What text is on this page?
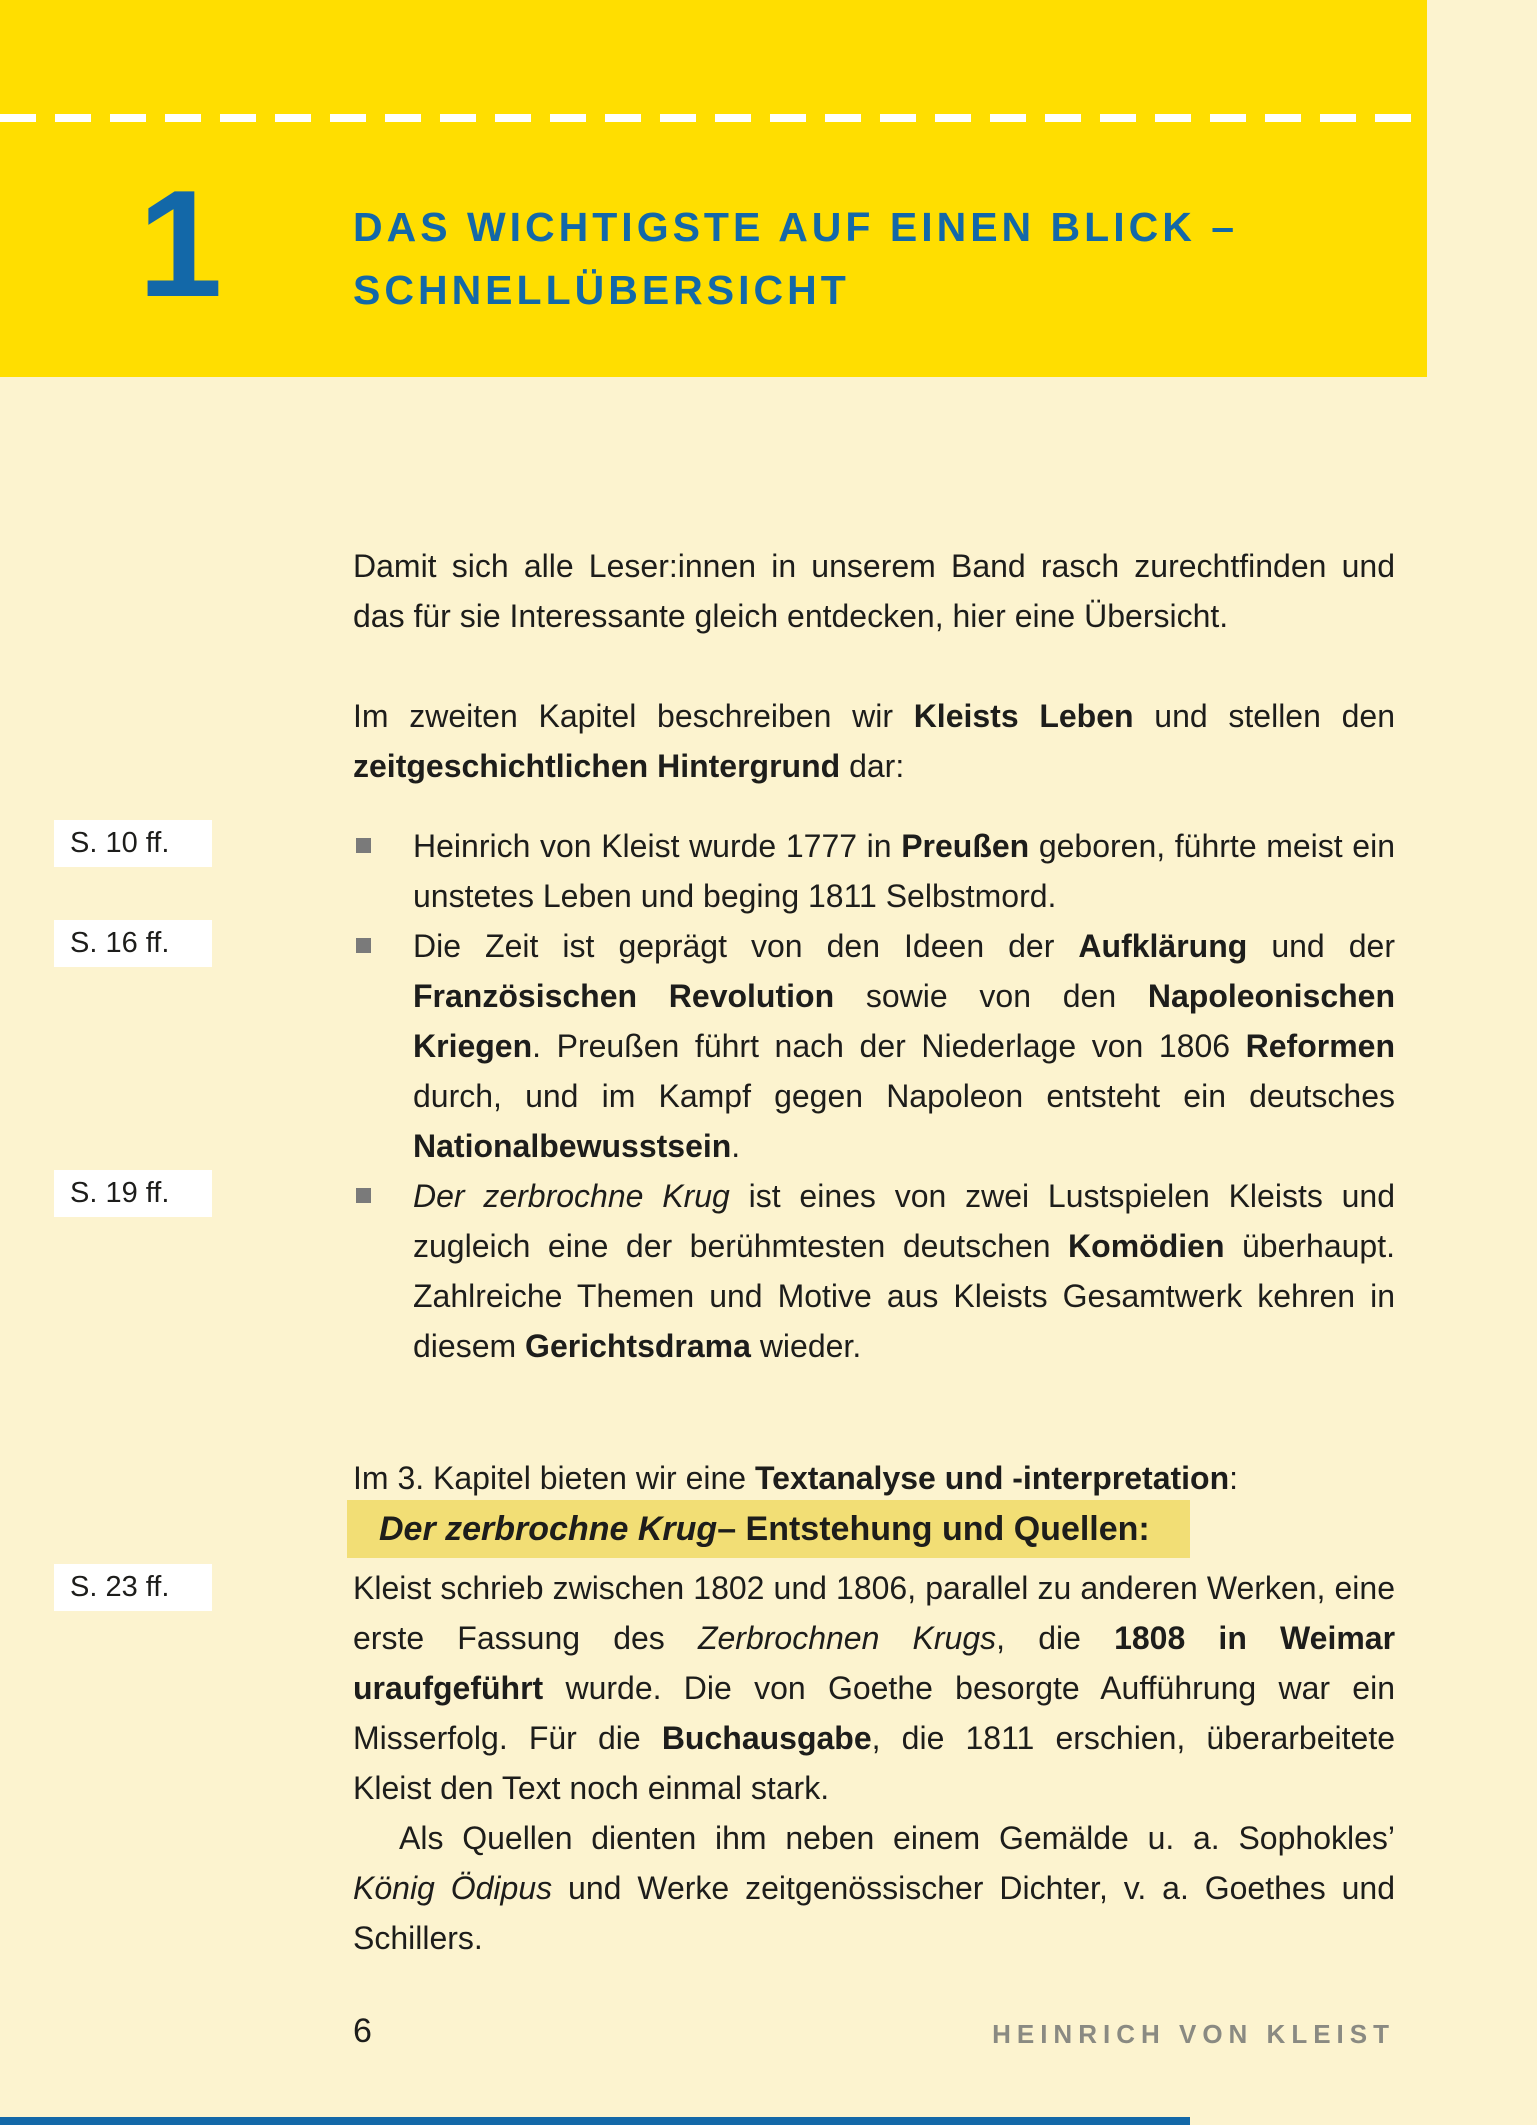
1	DAS WICHTIGSTE AUF EINEN BLICK –
SCHNELLÜBERSICHT
S. 10 ff.
S. 16 ff.
S. 19 ff.
S. 23 ff.

Damit sich alle Leser:innen in unserem Band rasch zurechtfinden und das für sie Interessante gleich entdecken, hier eine Übersicht.

Im zweiten Kapitel beschreiben wir Kleists Leben und stellen den zeitgeschichtlichen Hintergrund dar:

Heinrich von Kleist wurde 1777 in Preußen geboren, führte meist ein unstetes Leben und beging 1811 Selbstmord.
Die Zeit ist geprägt von den Ideen der Aufklärung und der Französischen Revolution sowie von den Napoleonischen Kriegen. Preußen führt nach der Niederlage von 1806 Reformen durch, und im Kampf gegen Napoleon entsteht ein deutsches Nationalbewusstsein.
Der zerbrochne Krug ist eines von zwei Lustspielen Kleists und zugleich eine der berühmtesten deutschen Komödien überhaupt. Zahlreiche Themen und Motive aus Kleists Gesamtwerk kehren in diesem Gerichtsdrama wieder.

Im 3. Kapitel bieten wir eine Textanalyse und -interpretation:

Der zerbrochne Krug – Entstehung und Quellen:

Kleist schrieb zwischen 1802 und 1806, parallel zu anderen Werken, eine erste Fassung des Zerbrochnen Krugs, die 1808 in Weimar uraufgeführt wurde. Die von Goethe besorgte Aufführung war ein Misserfolg. Für die Buchausgabe, die 1811 erschien, überarbeitete Kleist den Text noch einmal stark.

Als Quellen dienten ihm neben einem Gemälde u. a. Sophokles’ König Ödipus und Werke zeitgenössischer Dichter, v. a. Goethes und Schillers.

6	HEINRICH VON KLEIST
